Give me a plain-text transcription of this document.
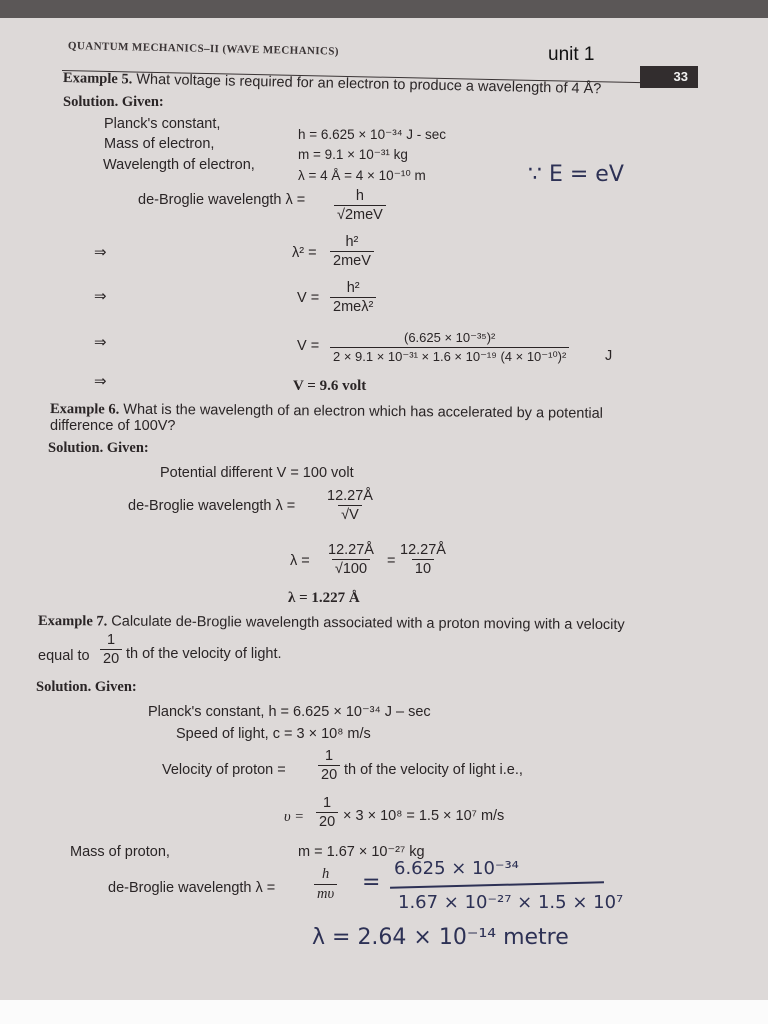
QUANTUM MECHANICS–II (WAVE MECHANICS)	unit 1
33
Example 5. What voltage is required for an electron to produce a wavelength of 4 Å?
Solution. Given:
Planck's constant,
h = 6.625 × 10⁻³⁴ J - sec
Mass of electron,
m = 9.1 × 10⁻³¹ kg
Wavelength of electron,
λ = 4 Å = 4 × 10⁻¹⁰ m	∵ E = eV
de-Broglie wavelength λ =	h
√2meV
⇒	λ² =
h²
2meV
⇒	V =
h²
2meλ²
⇒	$V = \frac{\text{(6.625 × 10⁻³⁵)²}}{\text{2 × 9.1 × 10⁻³¹ × 1.6 × 10⁻¹⁹ (4 × 10⁻¹⁰)²}}$ J
⇒	V = 9.6 volt
Example 6. What is the wavelength of an electron which has accelerated by a potential
difference of 100V?
Solution. Given:
Potential different V = 100 volt
de-Broglie wavelength $\lambda = \frac{12.27Å}{√V}$
$\lambda = \frac{12.27Å}{√100} = \frac{12.27Å}{10}$
λ = 1.227 Å
Example 7. Calculate de-Broglie wavelength associated with a proton moving with a velocity
equal to $\frac{1}{20}$ th of the velocity of light.
Solution. Given:
Planck's constant, h = 6.625 × 10⁻³⁴ J – sec
Speed of light, c = 3 × 10⁸ m/s
Velocity of proton = $\frac{1}{20}$ th of the velocity of light i.e.,
$\upsilon = \frac{1}{20} \times 3 \times 10^8 = 1.5 \times 10^7$ m/s
Mass of proton,	m = 1.67 × 10⁻²⁷ kg
de-Broglie wavelength λ =	$\frac{h}{m\upsilon}$ =
6.625 × 10⁻³⁴
1.67 × 10⁻²⁷ × 1.5 × 10⁷
λ = 2.64 × 10⁻¹⁴ metre
